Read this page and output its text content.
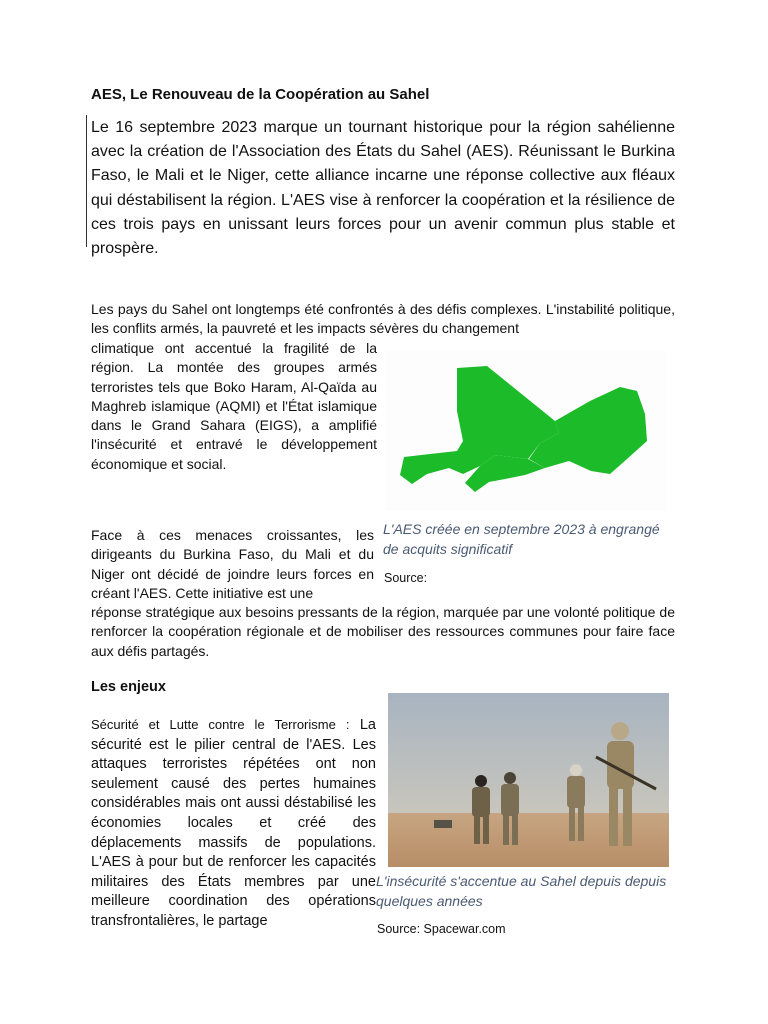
AES, Le Renouveau de la Coopération au Sahel
Le 16 septembre 2023 marque un tournant historique pour la région sahélienne avec la création de l'Association des États du Sahel (AES). Réunissant le Burkina Faso, le Mali et le Niger, cette alliance incarne une réponse collective aux fléaux qui déstabilisent la région. L'AES vise à renforcer la coopération et la résilience de ces trois pays en unissant leurs forces pour un avenir commun plus stable et prospère.
Les pays du Sahel ont longtemps été confrontés à des défis complexes. L'instabilité politique, les conflits armés, la pauvreté et les impacts sévères du changement
climatique ont accentué la fragilité de la région. La montée des groupes armés terroristes tels que Boko Haram, Al-Qaïda au Maghreb islamique (AQMI) et l'État islamique dans le Grand Sahara (EIGS), a amplifié l'insécurité et entravé le développement économique et social.
L'AES créée en septembre 2023 à engrangé de acquits significatif
Source:
Face à ces menaces croissantes, les dirigeants du Burkina Faso, du Mali et du Niger ont décidé de joindre leurs forces en créant l'AES. Cette initiative est une
réponse stratégique aux besoins pressants de la région, marquée par une volonté politique de renforcer la coopération régionale et de mobiliser des ressources communes pour faire face aux défis partagés.
Les enjeux
Sécurité et Lutte contre le Terrorisme : La sécurité est le pilier central de l'AES. Les attaques terroristes répétées ont non seulement causé des pertes humaines considérables mais ont aussi déstabilisé les économies locales et créé des déplacements massifs de populations. L'AES à pour but de renforcer les capacités militaires des États membres par une meilleure coordination des opérations transfrontalières, le partage
L'insécurité s'accentue au Sahel depuis depuis quelques années
Source: Spacewar.com
